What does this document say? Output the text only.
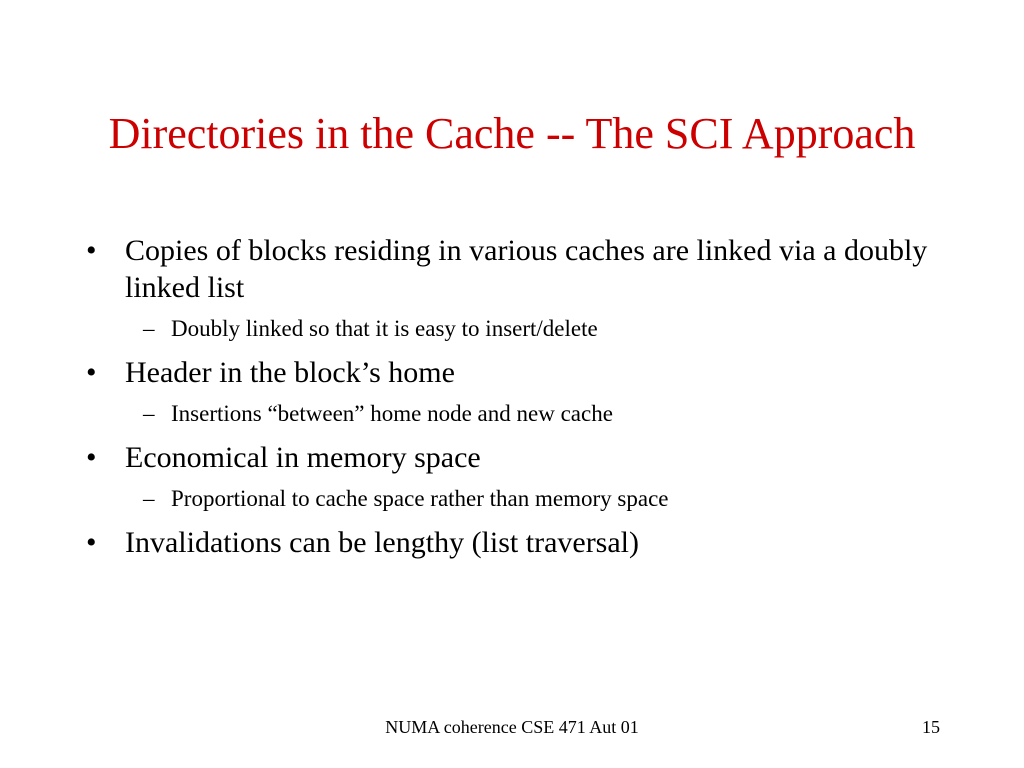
Directories in the Cache -- The SCI Approach
• Copies of blocks residing in various caches are linked via a doubly linked list
– Doubly linked so that it is easy to insert/delete
• Header in the block’s home
– Insertions “between” home node and new cache
• Economical in memory space
– Proportional to cache space rather than memory space
• Invalidations can be lengthy (list traversal)
NUMA coherence CSE 471 Aut 01	15
